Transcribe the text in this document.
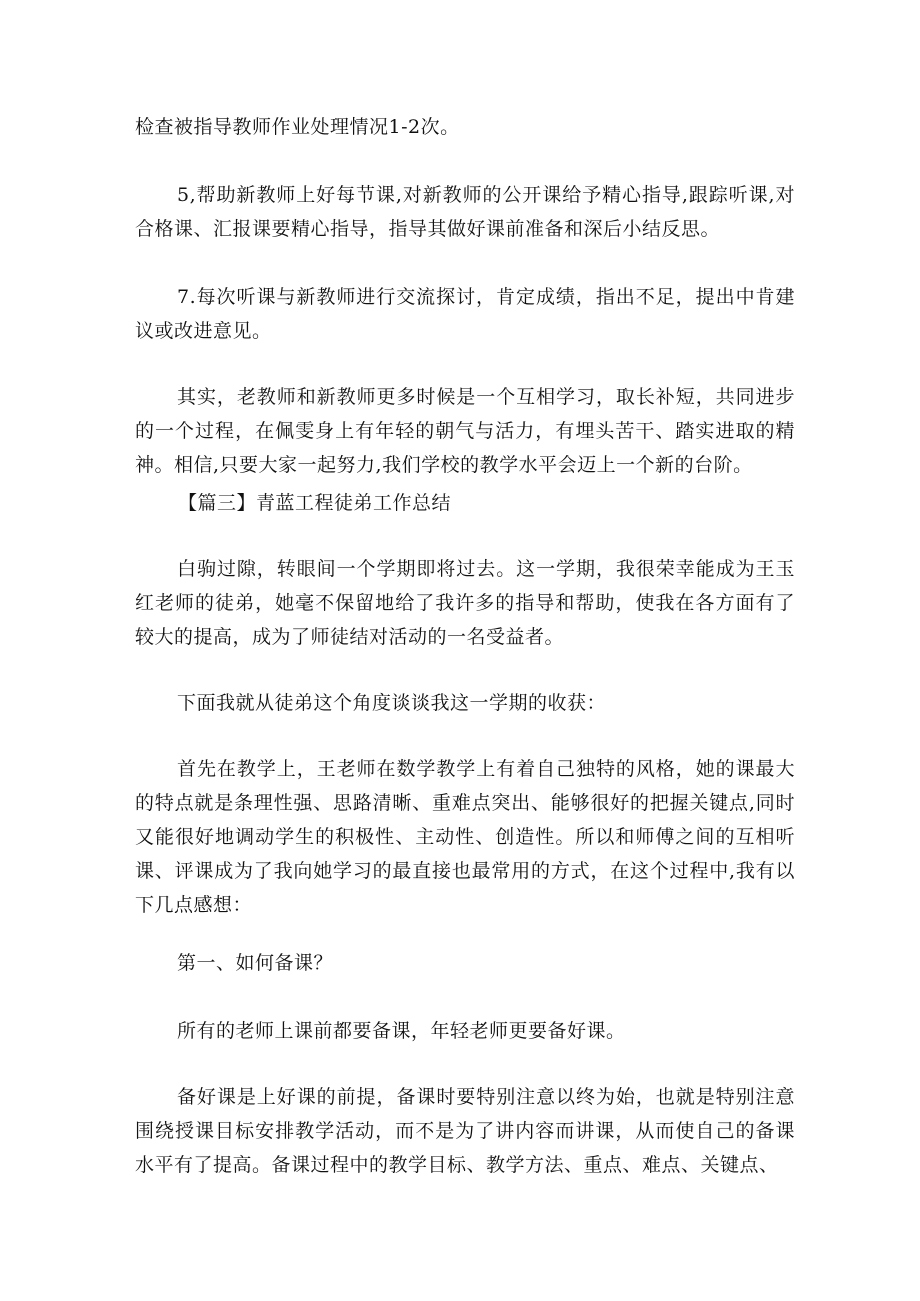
检查被指导教师作业处理情况1-2次。

5,帮助新教师上好每节课,对新教师的公开课给予精心指导,跟踪听课,对合格课、汇报课要精心指导，指导其做好课前准备和深后小结反思。

7.每次听课与新教师进行交流探讨，肯定成绩，指出不足，提出中肯建议或改进意见。

其实，老教师和新教师更多时候是一个互相学习，取长补短，共同进步的一个过程，在佩雯身上有年轻的朝气与活力，有埋头苦干、踏实进取的精神。相信,只要大家一起努力,我们学校的教学水平会迈上一个新的台阶。

【篇三】青蓝工程徒弟工作总结

白驹过隙，转眼间一个学期即将过去。这一学期，我很荣幸能成为王玉红老师的徒弟，她毫不保留地给了我许多的指导和帮助，使我在各方面有了较大的提高，成为了师徒结对活动的一名受益者。

下面我就从徒弟这个角度谈谈我这一学期的收获：

首先在教学上，王老师在数学教学上有着自己独特的风格，她的课最大的特点就是条理性强、思路清晰、重难点突出、能够很好的把握关键点,同时又能很好地调动学生的积极性、主动性、创造性。所以和师傅之间的互相听课、评课成为了我向她学习的最直接也最常用的方式，在这个过程中,我有以下几点感想：

第一、如何备课？

所有的老师上课前都要备课，年轻老师更要备好课。

备好课是上好课的前提，备课时要特别注意以终为始，也就是特别注意围绕授课目标安排教学活动，而不是为了讲内容而讲课，从而使自己的备课水平有了提高。备课过程中的教学目标、教学方法、重点、难点、关键点、
